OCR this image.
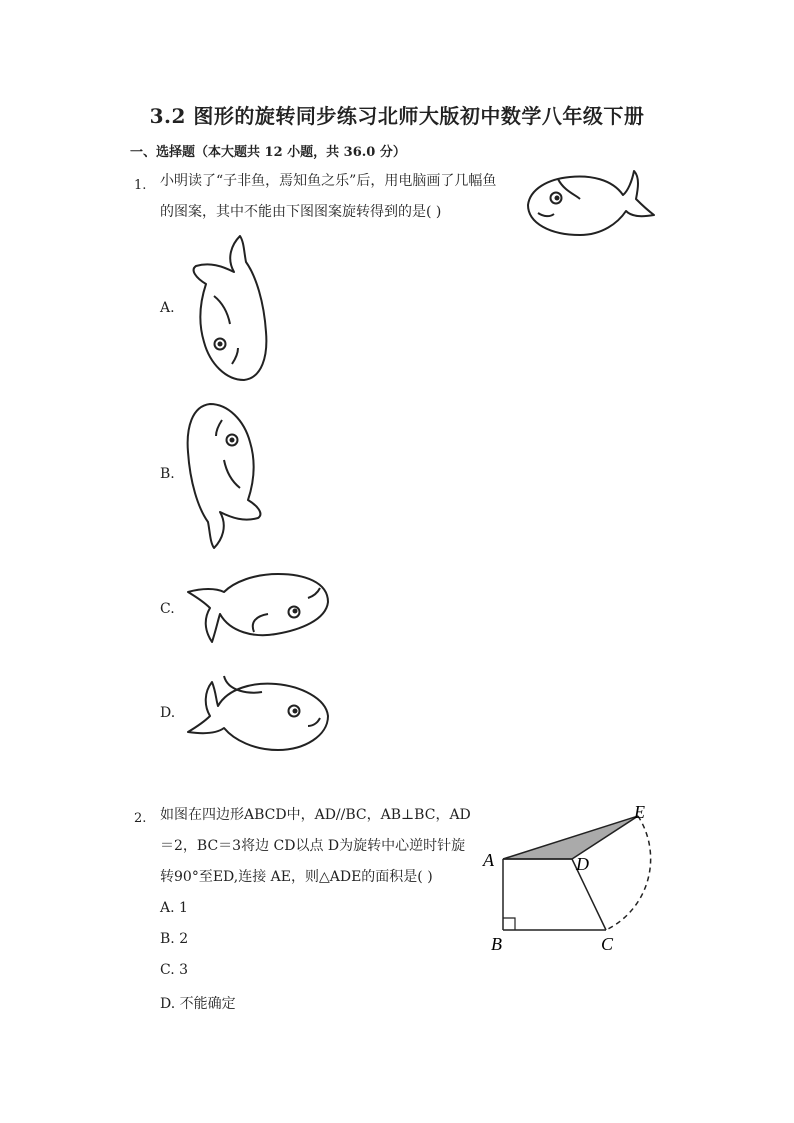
3.2 图形的旋转同步练习北师大版初中数学八年级下册
一、选择题（本大题共 12 小题，共 36.0 分）
1. 小明读了“子非鱼，焉知鱼之乐”后，用电脑画了几幅鱼
的图案，其中不能由下图图案旋转得到的是( )
A.
B.
C.
D.
2. 如图在四边形ABCD中，AD//BC，AB⊥BC，AD
＝2，BC＝3将边 CD以点 D为旋转中心逆时针旋
转90°至ED,连接 AE，则△ADE的面积是( )
A. 1
B. 2
C. 3
D. 不能确定
A	D
E
B	C
